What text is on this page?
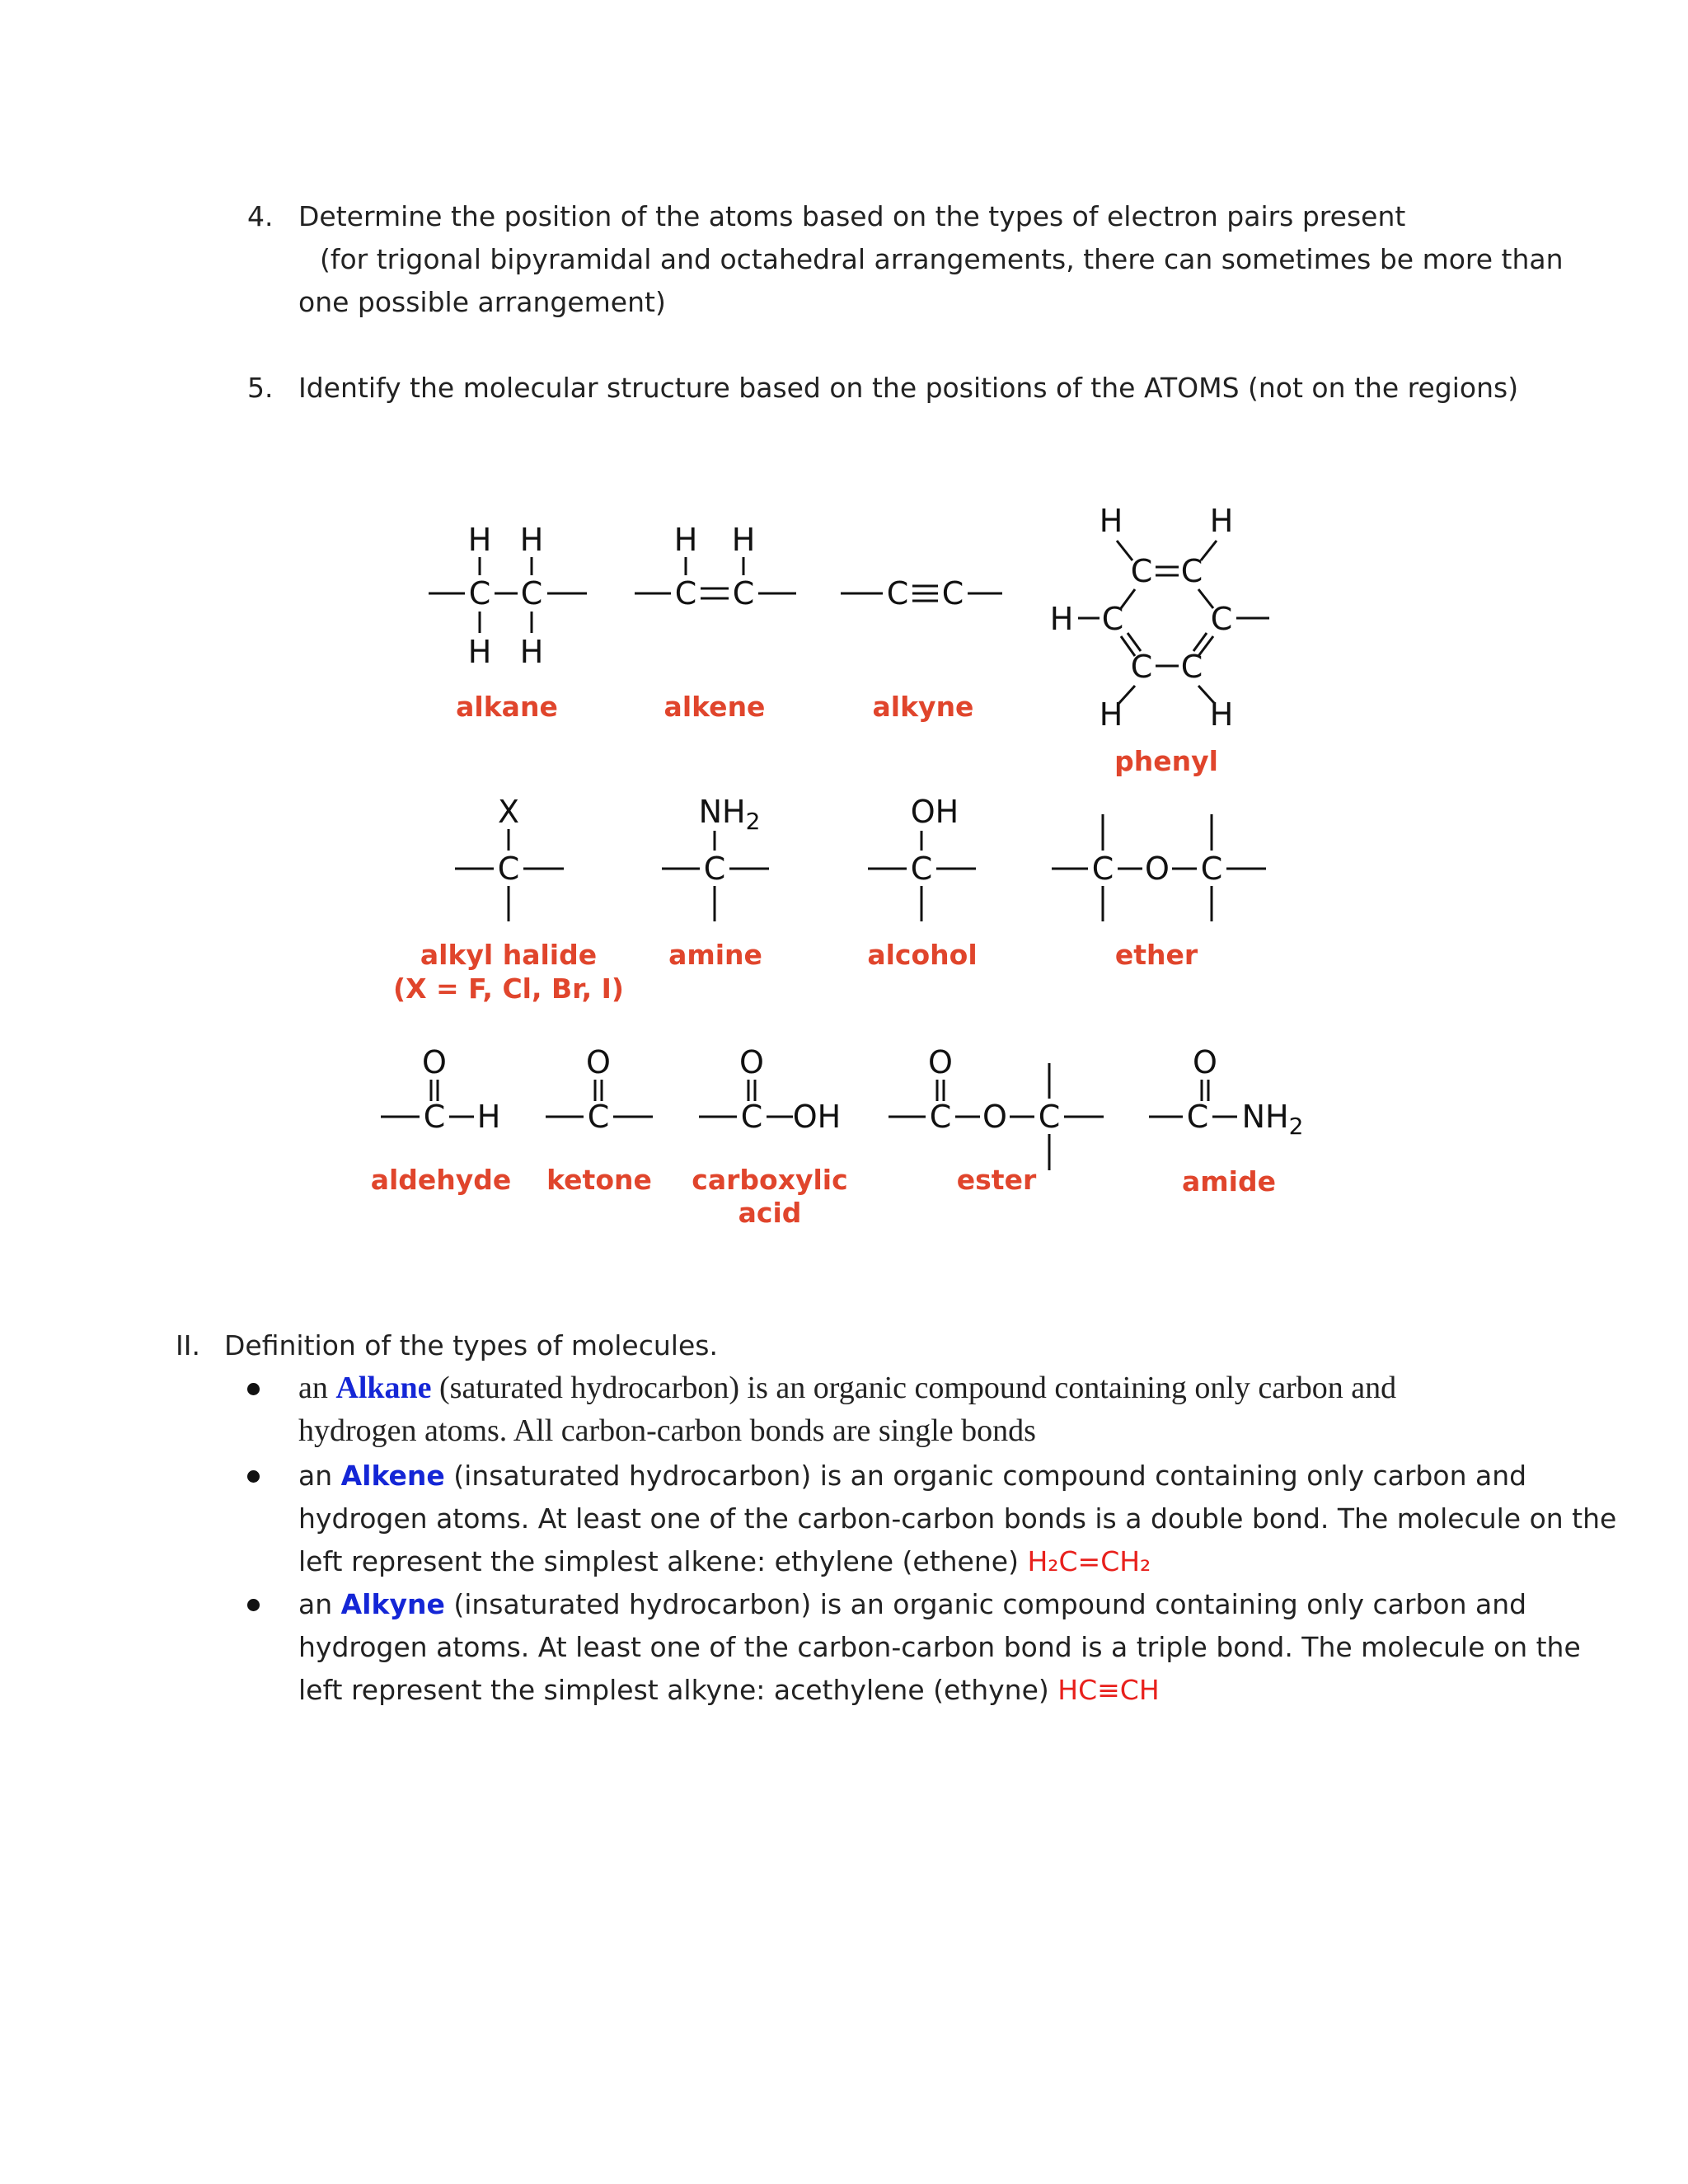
4. Determine the position of the atoms based on the types of electron pairs present
(for trigonal bipyramidal and octahedral arrangements, there can sometimes be more than
one possible arrangement)
5. Identify the molecular structure based on the positions of the ATOMS (not on the regions)
H H
C C
H H
H H
C C	C C
H	H
C C
H C	C
C C
H	H
X
C
$NH_2$
C
OH
C	C O C
O
C H
O
C
O
C OH
O
C O C
O
C $NH_2$
alkane	alkene	alkyne
phenyl
alkyl halide
(X = F, Cl, Br, I)
amine	alcohol	ether
aldehyde	ketone	carboxylic
acid
ester	amide
II. Definition of the types of molecules.
an Alkane (saturated hydrocarbon) is an organic compound containing only carbon and
hydrogen atoms. All carbon-carbon bonds are single bonds
an Alkene (insaturated hydrocarbon) is an organic compound containing only carbon and
hydrogen atoms. At least one of the carbon-carbon bonds is a double bond. The molecule on the
left represent the simplest alkene: ethylene (ethene) H₂C=CH₂
an Alkyne (insaturated hydrocarbon) is an organic compound containing only carbon and
hydrogen atoms. At least one of the carbon-carbon bond is a triple bond. The molecule on the
left represent the simplest alkyne: acethylene (ethyne) HC≡CH
